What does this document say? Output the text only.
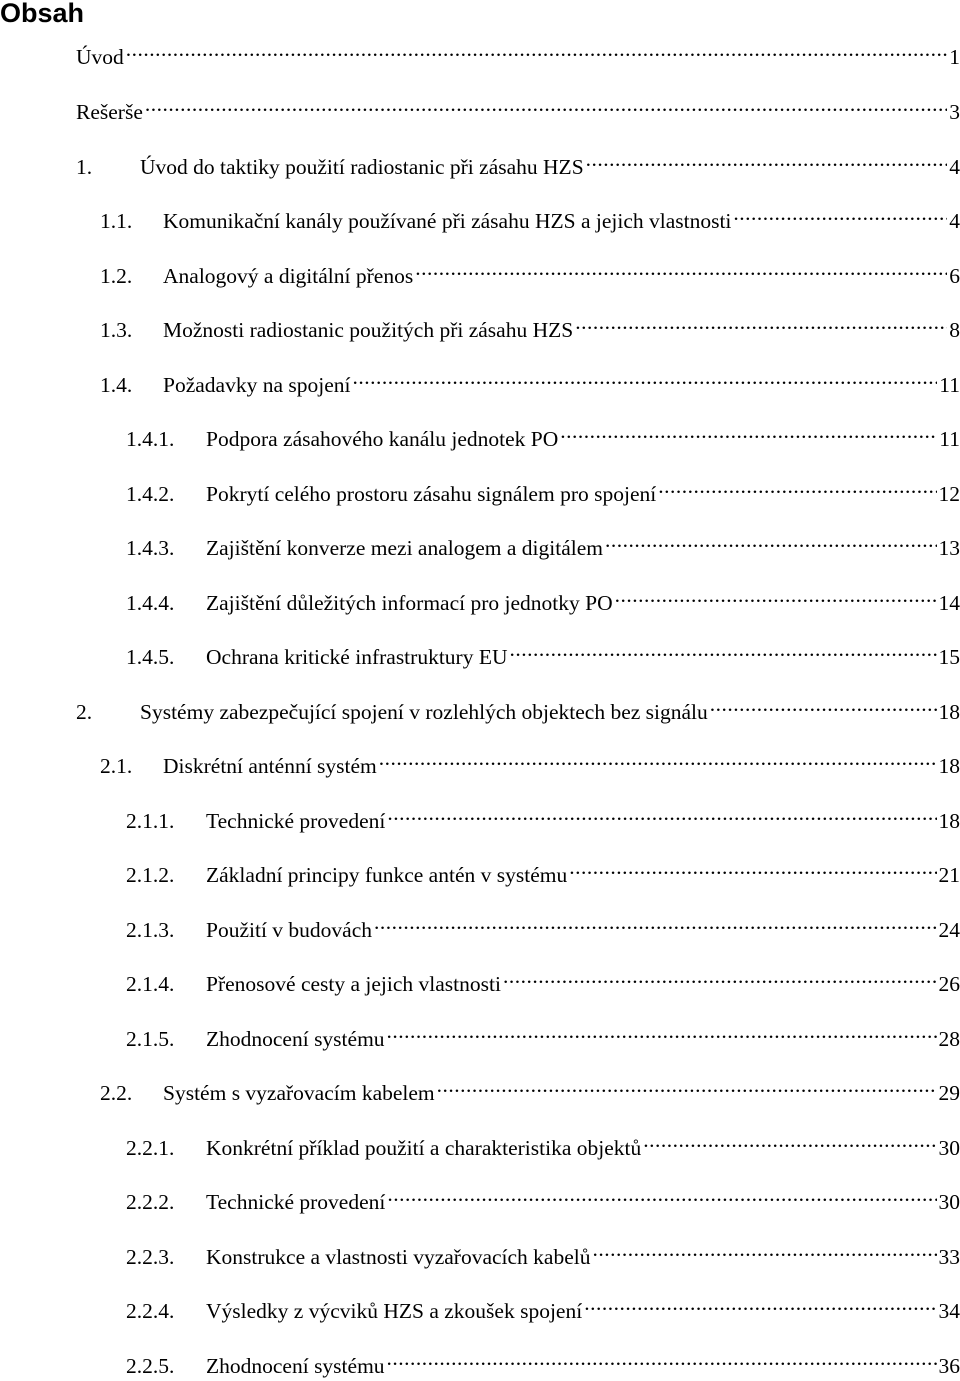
Obsah
Úvod .....	1
Rešerše .....	3
1.	Úvod do taktiky použití radiostanic při zásahu HZS .....	4
1.1.	Komunikační kanály používané při zásahu HZS a jejich vlastnosti .....	4
1.2.	Analogový a digitální přenos .....	6
1.3.	Možnosti radiostanic použitých při zásahu HZS .....	8
1.4.	Požadavky na spojení .....	11
1.4.1.	Podpora zásahového kanálu jednotek PO .....	11
1.4.2.	Pokrytí celého prostoru zásahu signálem pro spojení .....	12
1.4.3.	Zajištění konverze mezi analogem a digitálem .....	13
1.4.4.	Zajištění důležitých informací pro jednotky PO .....	14
1.4.5.	Ochrana kritické infrastruktury EU .....	15
2.	Systémy zabezpečující spojení v rozlehlých objektech bez signálu .....	18
2.1.	Diskrétní anténní systém .....	18
2.1.1.	Technické provedení .....	18
2.1.2.	Základní principy funkce antén v systému .....	21
2.1.3.	Použití v budovách .....	24
2.1.4.	Přenosové cesty a jejich vlastnosti .....	26
2.1.5.	Zhodnocení systému .....	28
2.2.	Systém s vyzařovacím kabelem .....	29
2.2.1.	Konkrétní příklad použití a charakteristika objektů .....	30
2.2.2.	Technické provedení .....	30
2.2.3.	Konstrukce a vlastnosti vyzařovacích kabelů .....	33
2.2.4.	Výsledky z výcviků HZS a zkoušek spojení .....	34
2.2.5.	Zhodnocení systému .....	36
